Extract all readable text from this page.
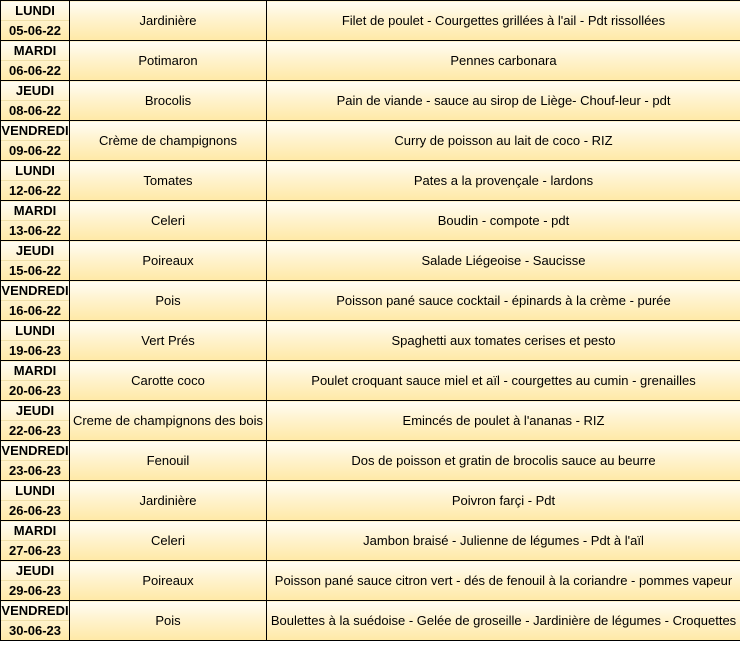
LUNDI
05-06-22	Jardinière	Filet de poulet - Courgettes grillées à l'ail - Pdt rissollées

MARDI
06-06-22	Potimaron	Pennes carbonara

JEUDI
08-06-22	Brocolis	Pain de viande - sauce au sirop de Liège- Chouf-leur - pdt

VENDREDI
09-06-22	Crème de champignons	Curry de poisson au lait de coco - RIZ

LUNDI
12-06-22	Tomates	Pates a la provençale - lardons

MARDI
13-06-22	Celeri	Boudin - compote - pdt

JEUDI
15-06-22	Poireaux	Salade Liégeoise - Saucisse

VENDREDI
16-06-22	Pois	Poisson pané sauce cocktail - épinards à la crème - purée

LUNDI
19-06-23	Vert Prés	Spaghetti aux tomates cerises et pesto

MARDI
20-06-23	Carotte coco	Poulet croquant sauce miel et aïl - courgettes au cumin - grenailles

JEUDI
22-06-23	Creme de champignons des bois	Emincés de poulet à l'ananas - RIZ

VENDREDI
23-06-23	Fenouil	Dos de poisson et gratin de brocolis sauce au beurre

LUNDI
26-06-23	Jardinière	Poivron farçi - Pdt

MARDI
27-06-23	Celeri	Jambon braisé - Julienne de légumes - Pdt à l'aïl

JEUDI
29-06-23	Poireaux	Poisson pané sauce citron vert - dés de fenouil à la coriandre - pommes vapeur

VENDREDI
30-06-23	Pois	Boulettes à la suédoise - Gelée de groseille - Jardinière de légumes - Croquettes
